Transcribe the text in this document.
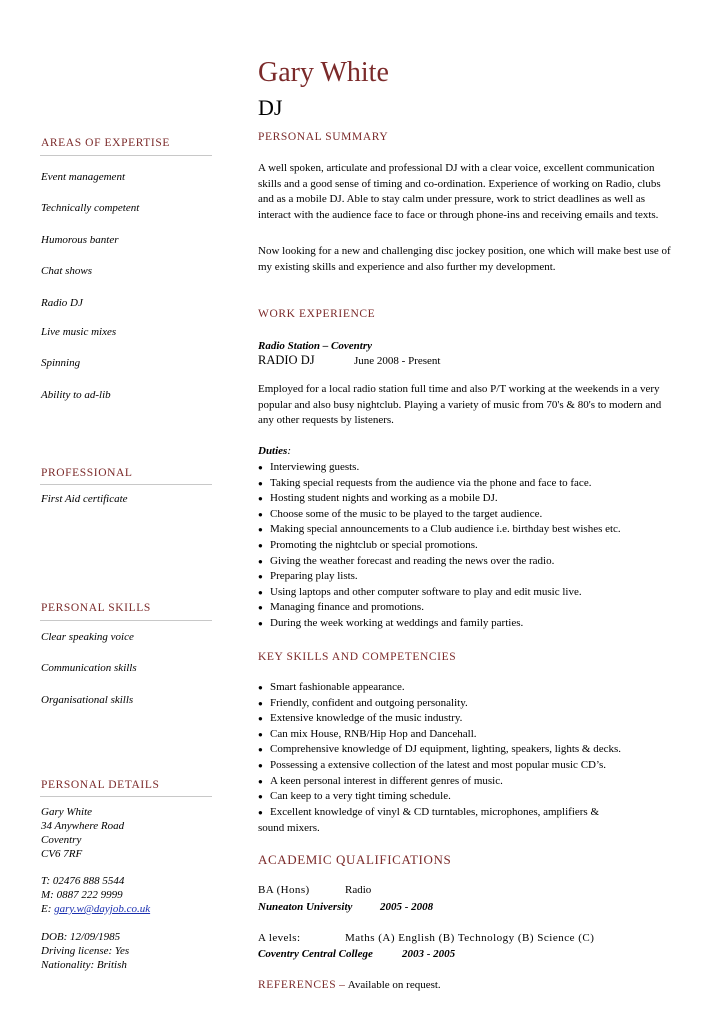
Gary White
DJ
AREAS OF EXPERTISE
Event management
Technically competent
Humorous banter
Chat shows
Radio DJ
Live music mixes
Spinning
Ability to ad-lib
PROFESSIONAL
First Aid certificate
PERSONAL SKILLS
Clear speaking voice
Communication skills
Organisational skills
PERSONAL DETAILS
Gary White
34 Anywhere Road
Coventry
CV6 7RF
T: 02476 888 5544
M: 0887 222 9999
E: gary.w@dayjob.co.uk
DOB: 12/09/1985
Driving license: Yes
Nationality: British
PERSONAL SUMMARY
A well spoken, articulate and professional DJ with a clear voice, excellent communication skills and a good sense of timing and co-ordination. Experience of working on Radio, clubs and as a mobile DJ. Able to stay calm under pressure, work to strict deadlines as well as interact with the audience face to face or through phone-ins and receiving emails and texts.
Now looking for a new and challenging disc jockey position, one which will make best use of my existing skills and experience and also further my development.
WORK EXPERIENCE
Radio Station – Coventry
RADIO DJ	June 2008 - Present
Employed for a local radio station full time and also P/T working at the weekends in a very popular and also busy nightclub. Playing a variety of music from 70's & 80's to modern and any other requests by listeners.
Duties:
● Interviewing guests.
● Taking special requests from the audience via the phone and face to face.
● Hosting student nights and working as a mobile DJ.
● Choose some of the music to be played to the target audience.
● Making special announcements to a Club audience i.e. birthday best wishes etc.
● Promoting the nightclub or special promotions.
● Giving the weather forecast and reading the news over the radio.
● Preparing play lists.
● Using laptops and other computer software to play and edit music live.
● Managing finance and promotions.
● During the week working at weddings and family parties.
KEY SKILLS AND COMPETENCIES
● Smart fashionable appearance.
● Friendly, confident and outgoing personality.
● Extensive knowledge of the music industry.
● Can mix House, RNB/Hip Hop and Dancehall.
● Comprehensive knowledge of DJ equipment, lighting, speakers, lights & decks.
● Possessing a extensive collection of the latest and most popular music CD’s.
● A keen personal interest in different genres of music.
● Can keep to a very tight timing schedule.
● Excellent knowledge of vinyl & CD turntables, microphones, amplifiers &
sound mixers.
ACADEMIC QUALIFICATIONS
BA (Hons)	Radio
Nuneaton University	2005 - 2008
A levels:	Maths (A) English (B) Technology (B) Science (C)
Coventry Central College	2003 - 2005
REFERENCES – Available on request.
